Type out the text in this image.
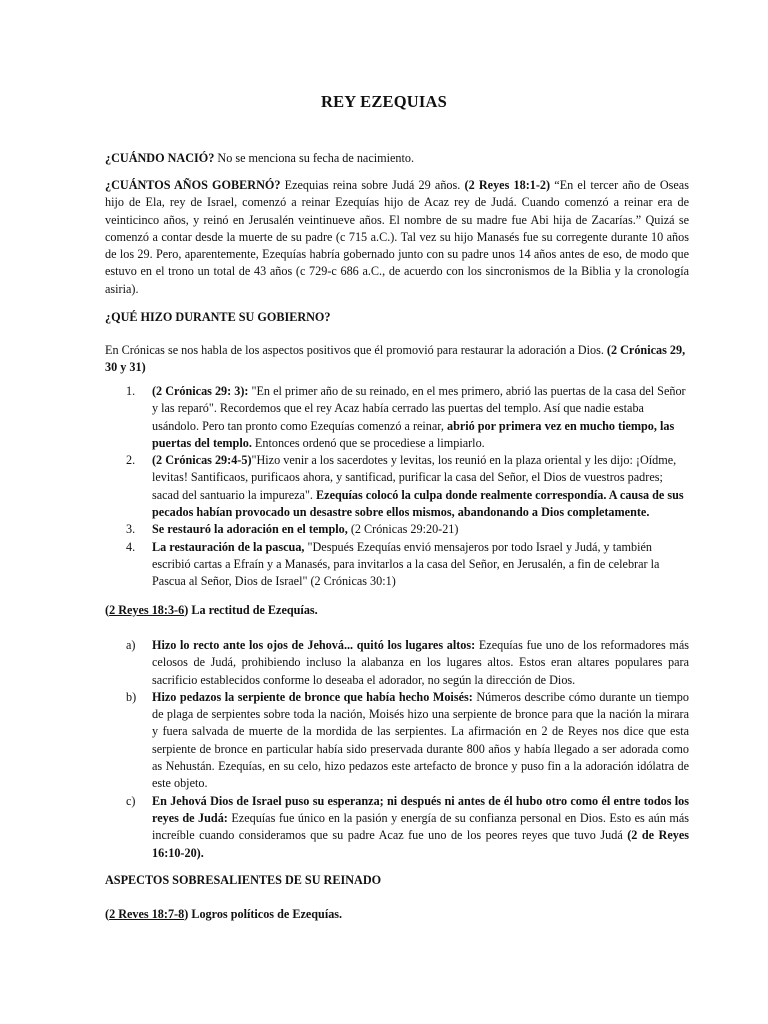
REY EZEQUIAS
¿CUÁNDO NACIÓ? No se menciona su fecha de nacimiento.
¿CUÁNTOS AÑOS GOBERNÓ? Ezequias reina sobre Judá 29 años. (2 Reyes 18:1-2) “En el tercer año de Oseas hijo de Ela, rey de Israel, comenzó a reinar Ezequías hijo de Acaz rey de Judá. Cuando comenzó a reinar era de veinticinco años, y reinó en Jerusalén veintinueve años. El nombre de su madre fue Abi hija de Zacarías.” Quizá se comenzó a contar desde la muerte de su padre (c 715 a.C.). Tal vez su hijo Manasés fue su corregente durante 10 años de los 29. Pero, aparentemente, Ezequías habría gobernado junto con su padre unos 14 años antes de eso, de modo que estuvo en el trono un total de 43 años (c 729-c 686 a.C., de acuerdo con los sincronismos de la Biblia y la cronología asiria).
¿QUÉ HIZO DURANTE SU GOBIERNO?
En Crónicas se nos habla de los aspectos positivos que él promovió para restaurar la adoración a Dios. (2 Crónicas 29, 30 y 31)
1. (2 Crónicas 29: 3): "En el primer año de su reinado, en el mes primero, abrió las puertas de la casa del Señor y las reparó". Recordemos que el rey Acaz había cerrado las puertas del templo. Así que nadie estaba usándolo. Pero tan pronto como Ezequías comenzó a reinar, abrió por primera vez en mucho tiempo, las puertas del templo. Entonces ordenó que se procediese a limpiarlo.
2. (2 Crónicas 29:4-5)"Hizo venir a los sacerdotes y levitas, los reunió en la plaza oriental y les dijo: ¡Oídme, levitas! Santificaos, purificaos ahora, y santificad, purificar la casa del Señor, el Dios de vuestros padres; sacad del santuario la impureza". Ezequías colocó la culpa donde realmente correspondía. A causa de sus pecados habían provocado un desastre sobre ellos mismos, abandonando a Dios completamente.
3. Se restauró la adoración en el templo, (2 Crónicas 29:20-21)
4. La restauración de la pascua, "Después Ezequías envió mensajeros por todo Israel y Judá, y también escribió cartas a Efraín y a Manasés, para invitarlos a la casa del Señor, en Jerusalén, a fin de celebrar la Pascua al Señor, Dios de Israel" (2 Crónicas 30:1)
(2 Reyes 18:3-6) La rectitud de Ezequías.
a) Hizo lo recto ante los ojos de Jehová... quitó los lugares altos: Ezequías fue uno de los reformadores más celosos de Judá, prohibiendo incluso la alabanza en los lugares altos. Estos eran altares populares para sacrificio establecidos conforme lo deseaba el adorador, no según la dirección de Dios.
b) Hizo pedazos la serpiente de bronce que había hecho Moisés: Números describe cómo durante un tiempo de plaga de serpientes sobre toda la nación, Moisés hizo una serpiente de bronce para que la nación la mirara y fuera salvada de muerte de la mordida de las serpientes. La afirmación en 2 de Reyes nos dice que esta serpiente de bronce en particular había sido preservada durante 800 años y había llegado a ser adorada como as Nehustán. Ezequías, en su celo, hizo pedazos este artefacto de bronce y puso fin a la adoración idólatra de este objeto.
c) En Jehová Dios de Israel puso su esperanza; ni después ni antes de él hubo otro como él entre todos los reyes de Judá: Ezequías fue único en la pasión y energía de su confianza personal en Dios. Esto es aún más increíble cuando consideramos que su padre Acaz fue uno de los peores reyes que tuvo Judá (2 de Reyes 16:10-20).
ASPECTOS SOBRESALIENTES DE SU REINADO
(2 Reves 18:7-8) Logros políticos de Ezequías.
